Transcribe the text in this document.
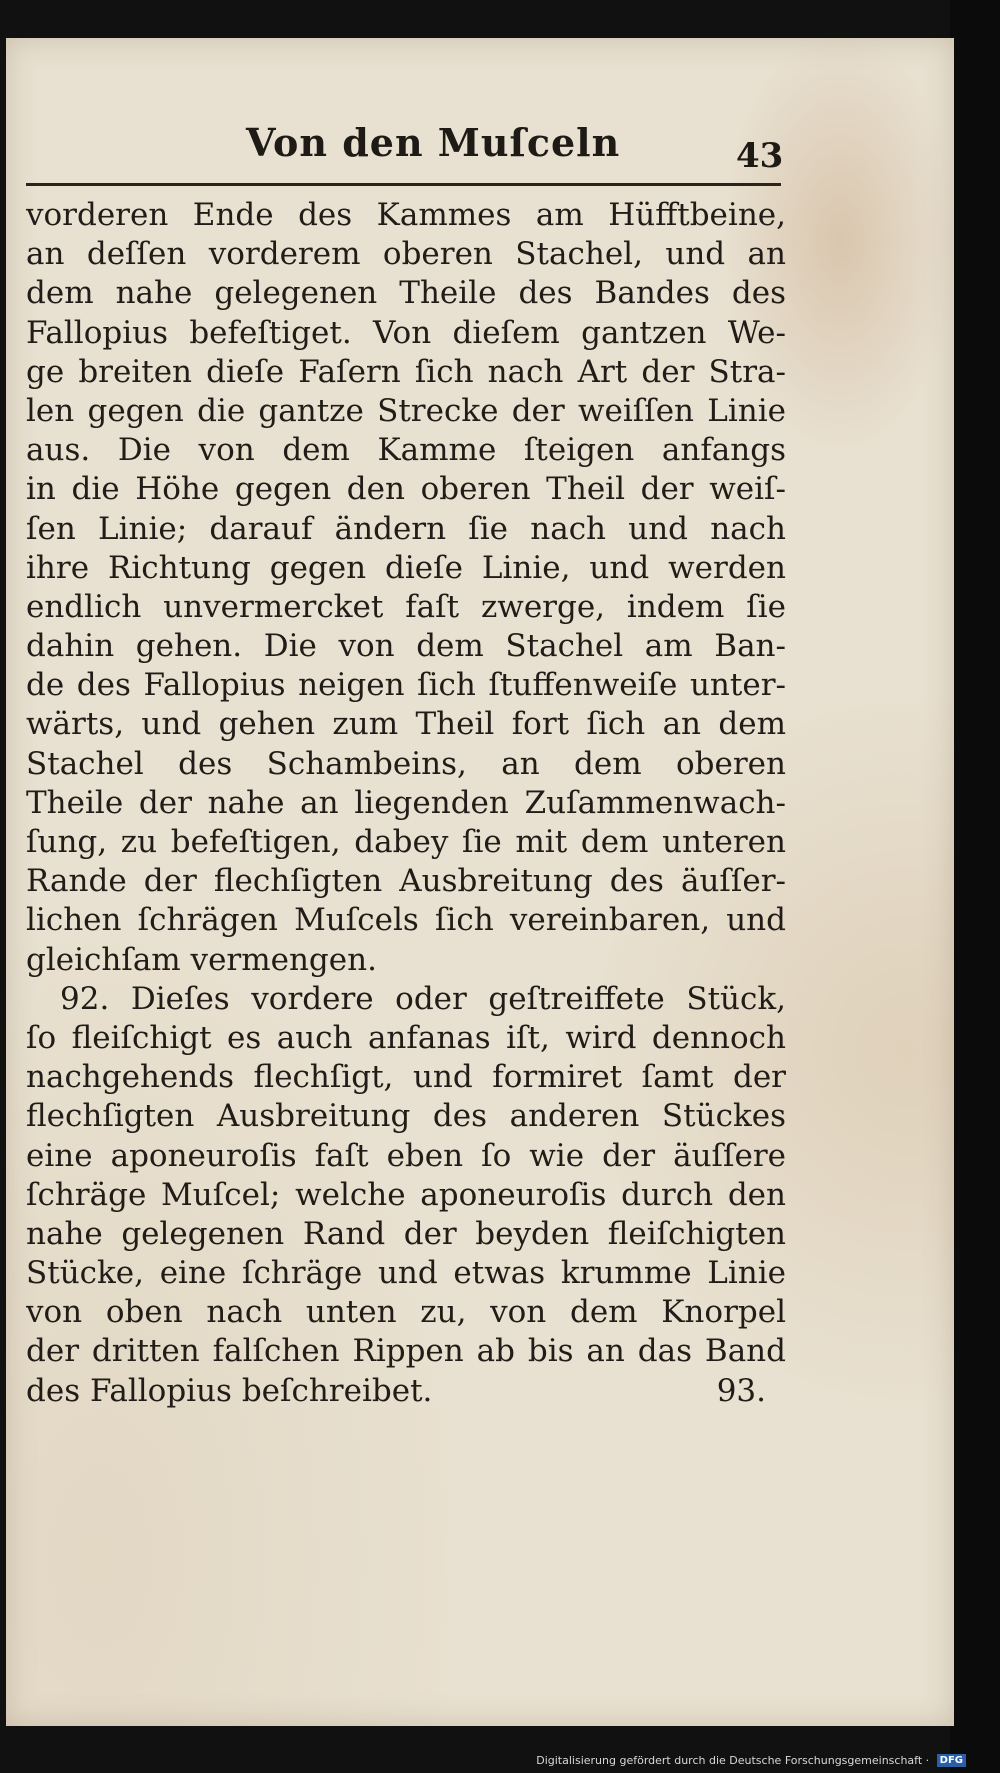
Von den Muſceln	43
vorderen Ende des Kammes am Hüfftbeine,
an deſſen vorderem oberen Stachel, und an
dem nahe gelegenen Theile des Bandes des
Fallopius befeſtiget. Von dieſem gantzen We-
ge breiten dieſe Faſern ſich nach Art der Stra-
len gegen die gantze Strecke der weiſſen Linie
aus. Die von dem Kamme ſteigen anfangs
in die Höhe gegen den oberen Theil der weiſ-
ſen Linie; darauf ändern ſie nach und nach
ihre Richtung gegen dieſe Linie, und werden
endlich unvermercket faſt zwerge, indem ſie
dahin gehen. Die von dem Stachel am Ban-
de des Fallopius neigen ſich ſtuffenweiſe unter-
wärts, und gehen zum Theil fort ſich an dem
Stachel des Schambeins, an dem oberen
Theile der nahe an liegenden Zuſammenwach-
ſung, zu befeſtigen, dabey ſie mit dem unteren
Rande der flechſigten Ausbreitung des äuſſer-
lichen ſchrägen Muſcels ſich vereinbaren, und
gleichſam vermengen.
92. Dieſes vordere oder geſtreiffete Stück,
ſo fleiſchigt es auch anfanas iſt, wird dennoch
nachgehends flechſigt, und formiret ſamt der
flechſigten Ausbreitung des anderen Stückes
eine aponeuroſis faſt eben ſo wie der äuſſere
ſchräge Muſcel; welche aponeuroſis durch den
nahe gelegenen Rand der beyden fleiſchigten
Stücke, eine ſchräge und etwas krumme Linie
von oben nach unten zu, von dem Knorpel
der dritten falſchen Rippen ab bis an das Band
des Fallopius beſchreibet.	93.
Digitalisierung gefördert durch die Deutsche Forschungsgemeinschaft · DFG
